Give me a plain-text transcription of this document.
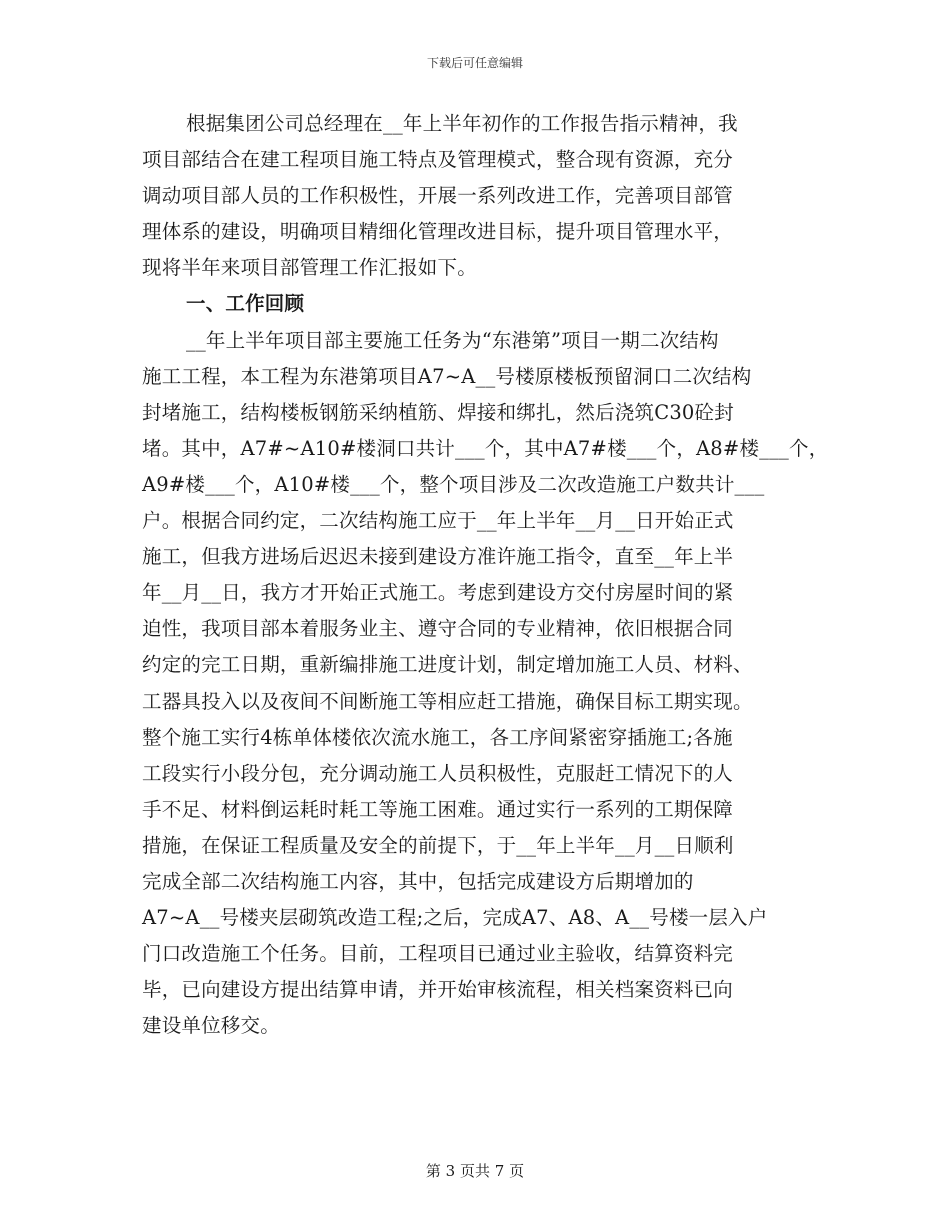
下载后可任意编辑
根据集团公司总经理在__年上半年初作的工作报告指示精神，我
项目部结合在建工程项目施工特点及管理模式，整合现有资源，充分
调动项目部人员的工作积极性，开展一系列改进工作，完善项目部管
理体系的建设，明确项目精细化管理改进目标，提升项目管理水平，
现将半年来项目部管理工作汇报如下。
一、工作回顾
__年上半年项目部主要施工任务为“东港第”项目一期二次结构
施工工程，本工程为东港第项目A7~A__号楼原楼板预留洞口二次结构
封堵施工，结构楼板钢筋采纳植筋、焊接和绑扎，然后浇筑C30砼封
堵。其中，A7#~A10#楼洞口共计___个，其中A7#楼___个，A8#楼___个，
A9#楼___个，A10#楼___个，整个项目涉及二次改造施工户数共计___
户。根据合同约定，二次结构施工应于__年上半年__月__日开始正式
施工，但我方进场后迟迟未接到建设方准许施工指令，直至__年上半
年__月__日，我方才开始正式施工。考虑到建设方交付房屋时间的紧
迫性，我项目部本着服务业主、遵守合同的专业精神，依旧根据合同
约定的完工日期，重新编排施工进度计划，制定增加施工人员、材料、
工器具投入以及夜间不间断施工等相应赶工措施，确保目标工期实现。
整个施工实行4栋单体楼依次流水施工，各工序间紧密穿插施工;各施
工段实行小段分包，充分调动施工人员积极性，克服赶工情况下的人
手不足、材料倒运耗时耗工等施工困难。通过实行一系列的工期保障
措施，在保证工程质量及安全的前提下，于__年上半年__月__日顺利
完成全部二次结构施工内容，其中，包括完成建设方后期增加的
A7~A__号楼夹层砌筑改造工程;之后，完成A7、A8、A__号楼一层入户
门口改造施工个任务。目前，工程项目已通过业主验收，结算资料完
毕，已向建设方提出结算申请，并开始审核流程，相关档案资料已向
建设单位移交。
第 3 页共 7 页
